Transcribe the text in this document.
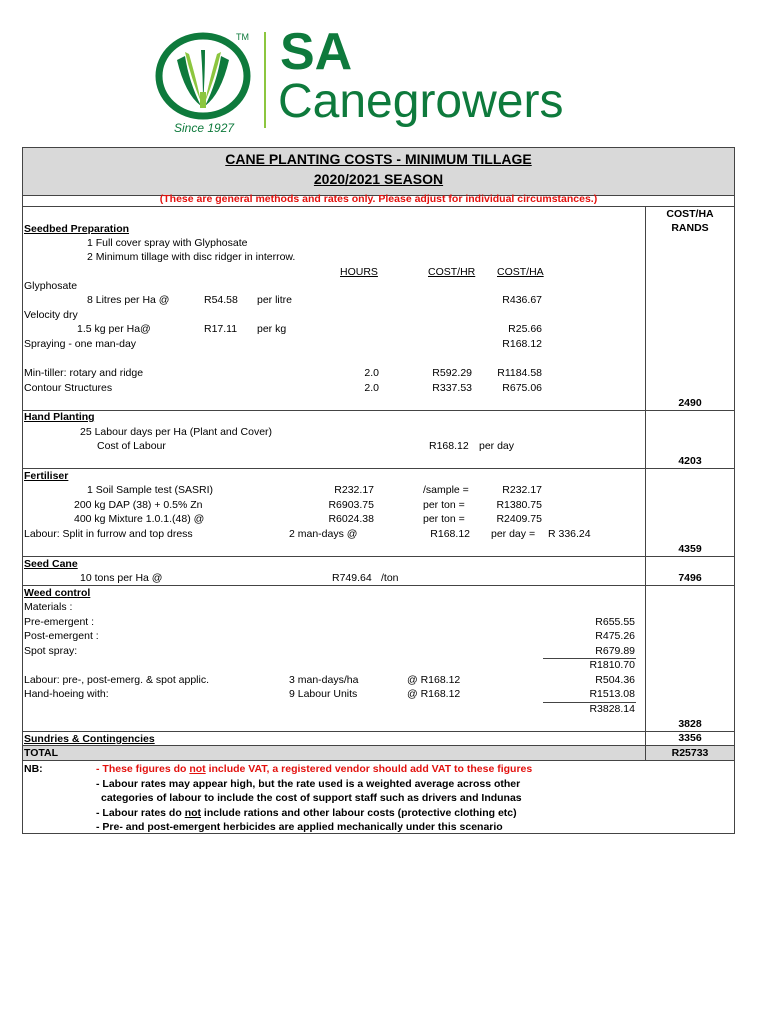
TM SA
Canegrowers
Since 1927
CANE PLANTING COSTS - MINIMUM TILLAGE
2020/2021 SEASON
(These are general methods and rates only. Please adjust for individual circumstances.)
COST/HA
RANDS
Seedbed Preparation
1 Full cover spray with Glyphosate
2 Minimum tillage with disc ridger in interrow.
HOURS	COST/HR COST/HA
Glyphosate
8 Litres per Ha @	R54.58 per litre	R436.67
Velocity dry
1.5 kg per Ha@	R17.11 per kg	R25.66
Spraying - one man-day	R168.12
Min-tiller: rotary and ridge	2.0	R592.29	R1184.58
Contour Structures	2.0	R337.53	R675.06
2490
Hand Planting
25 Labour days per Ha (Plant and Cover)
Cost of Labour	R168.12 per day
4203
Fertiliser
1 Soil Sample test (SASRI)	R232.17	/sample =	R232.17
200 kg DAP (38) + 0.5% Zn	R6903.75	per ton =	R1380.75
400 kg Mixture 1.0.1.(48) @	R6024.38	per ton =	R2409.75
Labour: Split in furrow and top dress	2 man-days @	R168.12 per day = R 336.24
4359
Seed Cane
10 tons per Ha @	R749.64 /ton	7496
Weed control
Materials :
Pre-emergent :	R655.55
Post-emergent :	R475.26
Spot spray:	R679.89
R1810.70
Labour: pre-, post-emerg. & spot applic.	3 man-days/ha	@ R168.12	R504.36
Hand-hoeing with:	9 Labour Units	@ R168.12	R1513.08
R3828.14
3828
Sundries & Contingencies	3356
TOTAL	R25733
NB:	- These figures do not include VAT, a registered vendor should add VAT to these figures
- Labour rates may appear high, but the rate used is a weighted average across other
categories of labour to include the cost of support staff such as drivers and Indunas
- Labour rates do not include rations and other labour costs (protective clothing etc)
- Pre- and post-emergent herbicides are applied mechanically under this scenario
